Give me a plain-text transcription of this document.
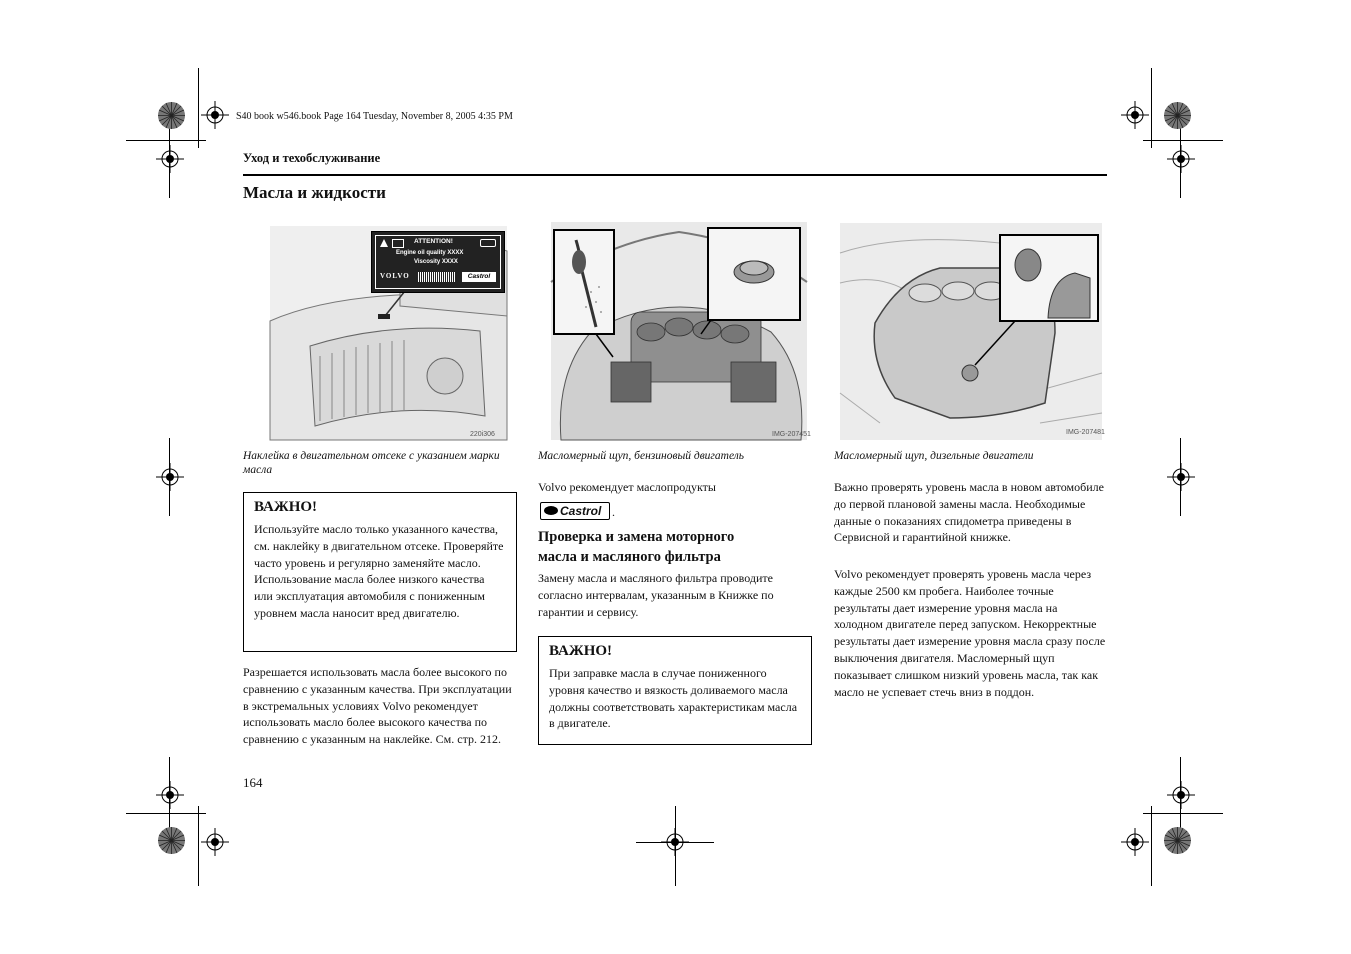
S40 book w546.book Page 164 Tuesday, November 8, 2005 4:35 PM
Уход и техобслуживание
Масла и жидкости
220i306
ATTENTION!
Engine oil quality XXXX
Viscosity XXXX
VOLVO	Castrol
IMG-207451	IMG-207481
Наклейка в двигательном отсеке с указанием марки масла
Масломерный щуп, бензиновый двигатель	Масломерный щуп, дизельные двигатели
ВАЖНО!

Используйте масло только указанного качества, см. наклейку в двигательном отсеке. Проверяйте часто уровень и регулярно заменяйте масло. Использование масла более низкого качества или эксплуатация автомобиля с пониженным уровнем масла наносит вред двигателю.

Разрешается использовать масла более высокого по сравнению с указанным качества. При эксплуатации в экстремальных условиях Volvo рекомендует использовать масло более высокого качества по сравнению с указанным на наклейке. См. стр. 212.
Volvo рекомендует маслопродукты
Castrol .
Проверка и замена моторного
масла и масляного фильтра
Замену масла и масляного фильтра проводите согласно интервалам, указанным в Книжке по гарантии и сервису.
ВАЖНО!

При заправке масла в случае пониженного уровня качество и вязкость доливаемого масла должны соответствовать характеристикам масла в двигателе.

Важно проверять уровень масла в новом автомобиле до первой плановой замены масла. Необходимые данные о показаниях спидометра приведены в Сервисной и гарантийной книжке.
Volvo рекомендует проверять уровень масла через каждые 2500 км пробега. Наиболее точные результаты дает измерение уровня масла на холодном двигателе перед запуском. Некорректные результаты дает измерение уровня масла сразу после выключения двигателя. Масломерный щуп показывает слишком низкий уровень масла, так как масло не успевает стечь вниз в поддон.
164
